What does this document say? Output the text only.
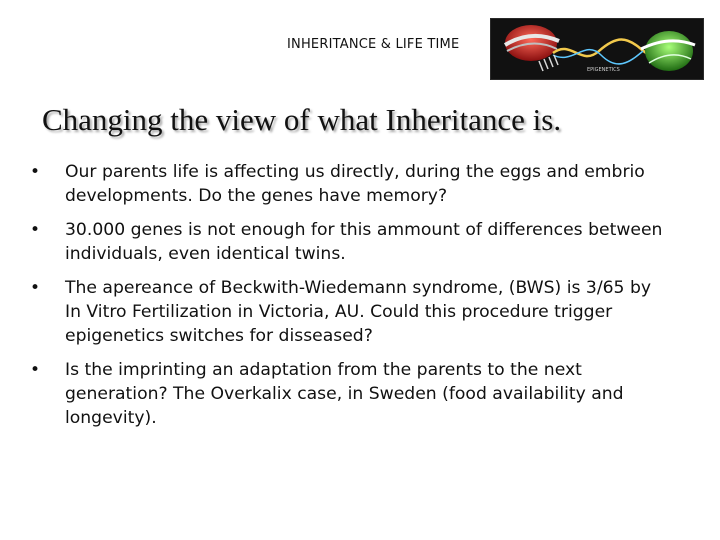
INHERITANCE & LIFE TIME
EPIGENETICS
Changing the view of what Inheritance is.
• Our parents life is affecting us directly, during the eggs and embrio developments. Do the genes have memory?
• 30.000 genes is not enough for this ammount of differences between individuals, even identical twins.
• The apereance of Beckwith-Wiedemann syndrome, (BWS) is 3/65 by In Vitro Fertilization in Victoria, AU. Could this procedure trigger epigenetics switches for disseased?
• Is the imprinting an adaptation from the parents to the next generation? The Overkalix case, in Sweden (food availability and longevity).
